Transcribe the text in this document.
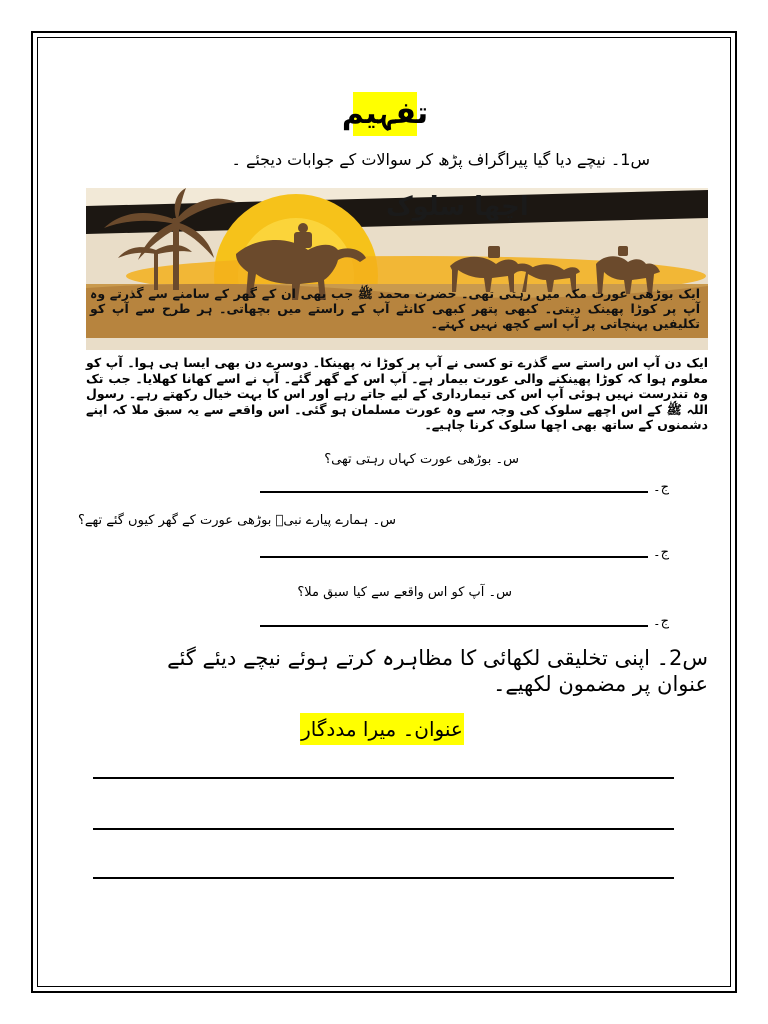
تفہیم
س1۔ نیچے دیا گیا پیراگراف پڑھ کر سوالات کے جوابات دیجئے ۔
اچھا سلوک
ایک بوڑھی عورت مکہ میں رہتی تھی۔ حضرت محمد ﷺ جب بھی ان کے گھر کے سامنے سے گذرتے وہ آپ پر کوڑا پھینک دیتی۔ کبھی پتھر کبھی کانٹے آپ کے راستے میں بچھاتی۔ ہر طرح سے آپ کو تکلیفیں پہنچاتی پر آپ اسے کچھ نہیں کہتے۔
ایک دن آپ اس راستے سے گذرے تو کسی نے آپ پر کوڑا نہ پھینکا۔ دوسرے دن بھی ایسا ہی ہوا۔ آپ کو معلوم ہوا کہ کوڑا پھینکنے والی عورت بیمار ہے۔ آپ اس کے گھر گئے۔ آپ نے اسے کھانا کھلایا۔ جب تک وہ تندرست نہیں ہوئی آپ اس کی تیمارداری کے لیے جاتے رہے اور اس کا بہت خیال رکھتے رہے۔ رسول اللہ ﷺ کے اس اچھے سلوک کی وجہ سے وہ عورت مسلمان ہو گئی۔ اس واقعے سے یہ سبق ملا کہ اپنے دشمنوں کے ساتھ بھی اچھا سلوک کرنا چاہیے۔
س۔ بوڑھی عورت کہاں رہتی تھی؟
ج۔
س۔ ہمارے پیارے نبیؐ بوڑھی عورت کے گھر کیوں گئے تھے؟
ج۔
س۔ آپ کو اس واقعے سے کیا سبق ملا؟
ج۔
س2۔ اپنی تخلیقی لکھائی کا مظاہرہ کرتے ہوئے نیچے دیئے گئے عنوان پر مضمون لکھیے۔
عنوان۔ میرا مددگار
